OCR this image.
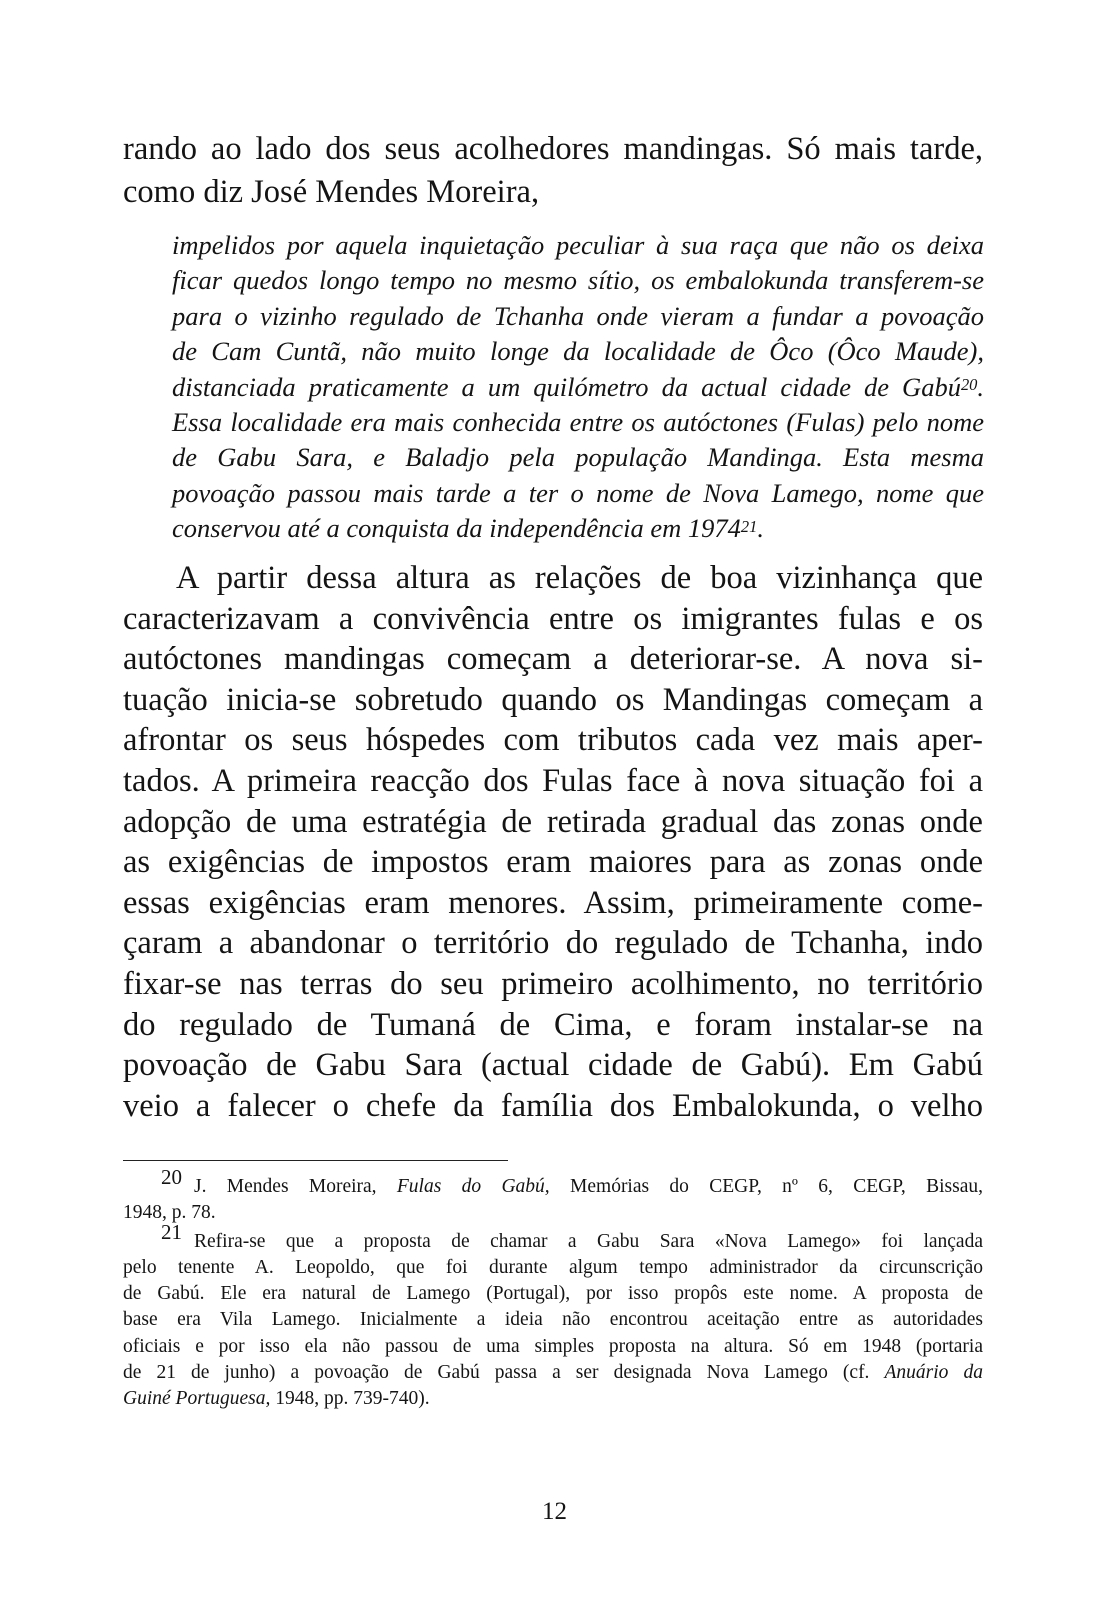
rando ao lado dos seus acolhedores mandingas. Só mais tarde,
como diz José Mendes Moreira,
impelidos por aquela inquietação peculiar à sua raça que não os deixa
ficar quedos longo tempo no mesmo sítio, os embalokunda transferem-se
para o vizinho regulado de Tchanha onde vieram a fundar a povoação
de Cam Cuntã, não muito longe da localidade de Ôco (Ôco Maude),
distanciada praticamente a um quilómetro da actual cidade de Gabú$^{20}$.
Essa localidade era mais conhecida entre os autóctones (Fulas) pelo nome
de Gabu Sara, e Baladjo pela população Mandinga. Esta mesma
povoação passou mais tarde a ter o nome de Nova Lamego, nome que
conservou até a conquista da independência em 1974$^{21}$.
A partir dessa altura as relações de boa vizinhança que
caracterizavam a convivência entre os imigrantes fulas e os
autóctones mandingas começam a deteriorar-se. A nova si-
tuação inicia-se sobretudo quando os Mandingas começam a
afrontar os seus hóspedes com tributos cada vez mais aper-
tados. A primeira reacção dos Fulas face à nova situação foi a
adopção de uma estratégia de retirada gradual das zonas onde
as exigências de impostos eram maiores para as zonas onde
essas exigências eram menores. Assim, primeiramente come-
çaram a abandonar o território do regulado de Tchanha, indo
fixar-se nas terras do seu primeiro acolhimento, no território
do regulado de Tumaná de Cima, e foram instalar-se na
povoação de Gabu Sara (actual cidade de Gabú). Em Gabú
veio a falecer o chefe da família dos Embalokunda, o velho
20 J. Mendes Moreira, Fulas do Gabú, Memórias do CEGP, nº 6, CEGP, Bissau,
1948, p. 78.
21 Refira-se que a proposta de chamar a Gabu Sara «Nova Lamego» foi lançada
pelo tenente A. Leopoldo, que foi durante algum tempo administrador da circunscrição
de Gabú. Ele era natural de Lamego (Portugal), por isso propôs este nome. A proposta de
base era Vila Lamego. Inicialmente a ideia não encontrou aceitação entre as autoridades
oficiais e por isso ela não passou de uma simples proposta na altura. Só em 1948 (portaria
de 21 de junho) a povoação de Gabú passa a ser designada Nova Lamego (cf. Anuário da
Guiné Portuguesa, 1948, pp. 739-740).
12
